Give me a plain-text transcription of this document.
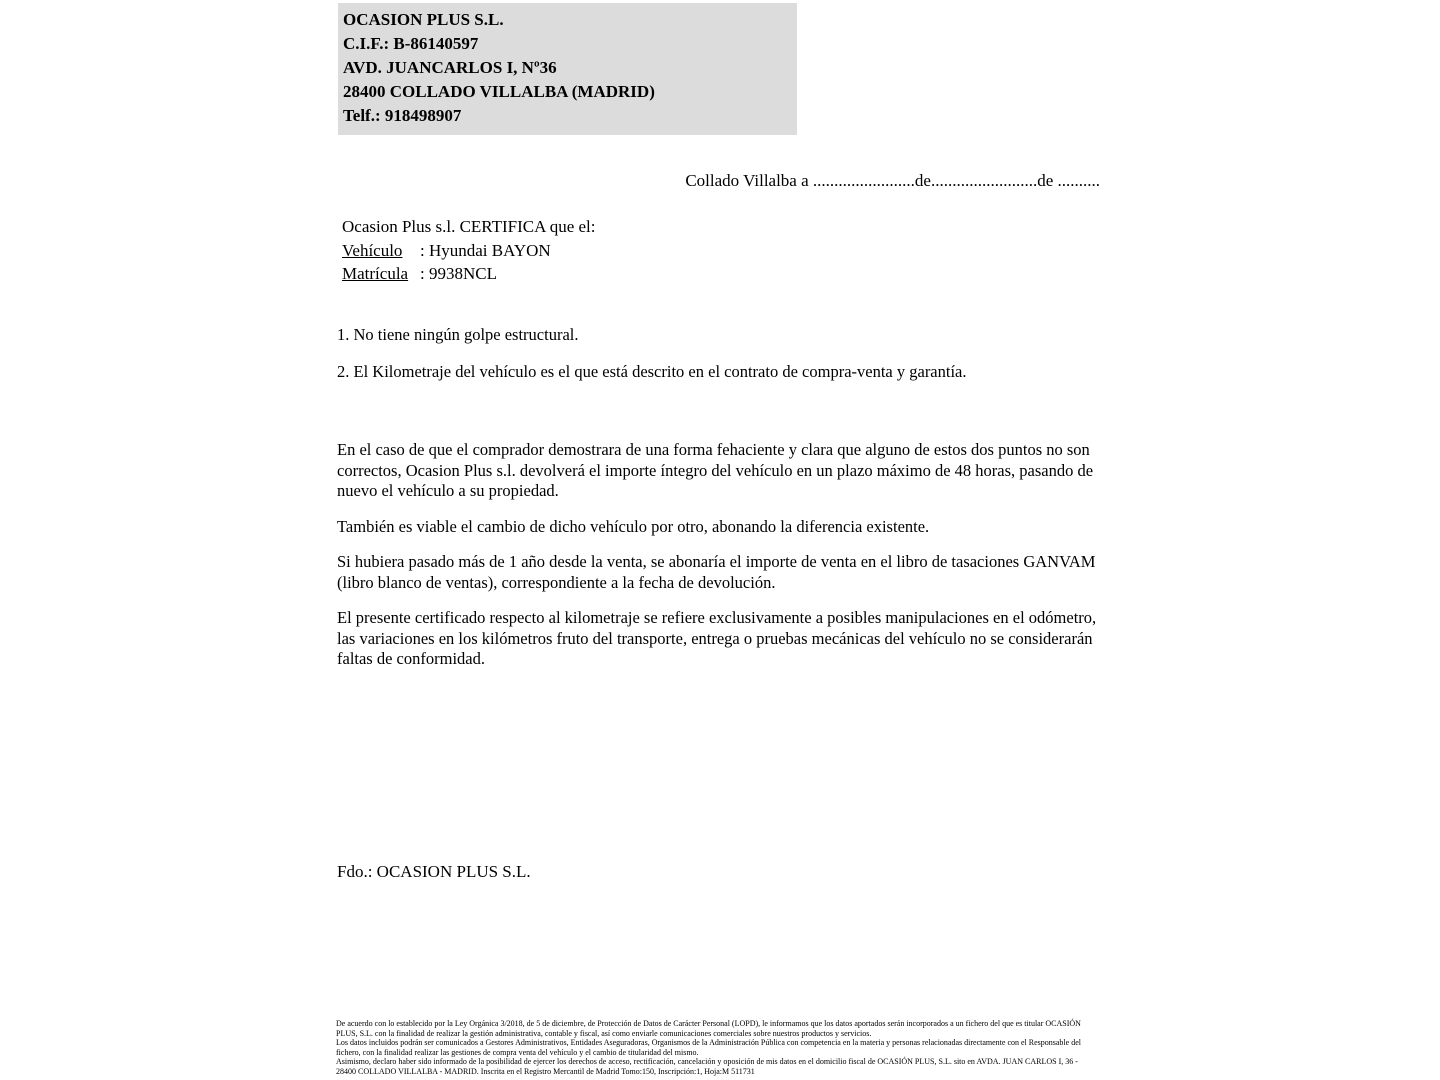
OCASION PLUS S.L.
C.I.F.: B-86140597
AVD. JUANCARLOS I, Nº36
28400 COLLADO VILLALBA (MADRID)
Telf.: 918498907
Collado Villalba a ........................de.........................de ..........
Ocasion Plus s.l. CERTIFICA que el:
Vehículo : Hyundai BAYON
Matrícula : 9938NCL
1. No tiene ningún golpe estructural.
2. El Kilometraje del vehículo es el que está descrito en el contrato de compra-venta y garantía.

En el caso de que el comprador demostrara de una forma fehaciente y clara que alguno de estos dos puntos no son correctos, Ocasion Plus s.l. devolverá el importe íntegro del vehículo en un plazo máximo de 48 horas, pasando de nuevo el vehículo a su propiedad.

También es viable el cambio de dicho vehículo por otro, abonando la diferencia existente.

Si hubiera pasado más de 1 año desde la venta, se abonaría el importe de venta en el libro de tasaciones GANVAM (libro blanco de ventas), correspondiente a la fecha de devolución.

El presente certificado respecto al kilometraje se refiere exclusivamente a posibles manipulaciones en el odómetro, las variaciones en los kilómetros fruto del transporte, entrega o pruebas mecánicas del vehículo no se considerarán faltas de conformidad.

Fdo.: OCASION PLUS S.L.

De acuerdo con lo establecido por la Ley Orgánica 3/2018, de 5 de diciembre, de Protección de Datos de Carácter Personal (LOPD), le informamos que los datos aportados serán incorporados a un fichero del que es titular OCASIÓN PLUS, S.L. con la finalidad de realizar la gestión administrativa, contable y fiscal, así como enviarle comunicaciones comerciales sobre nuestros productos y servicios.

Los datos incluidos podrán ser comunicados a Gestores Administrativos, Entidades Aseguradoras, Organismos de la Administración Pública con competencia en la materia y personas relacionadas directamente con el Responsable del fichero, con la finalidad realizar las gestiones de compra venta del vehículo y el cambio de titularidad del mismo.

Asimismo, declaro haber sido informado de la posibilidad de ejercer los derechos de acceso, rectificación, cancelación y oposición de mis datos en el domicilio fiscal de OCASIÓN PLUS, S.L. sito en AVDA. JUAN CARLOS I, 36 - 28400 COLLADO VILLALBA - MADRID. Inscrita en el Registro Mercantil de Madrid Tomo:150, Inscripción:1, Hoja:M 511731
